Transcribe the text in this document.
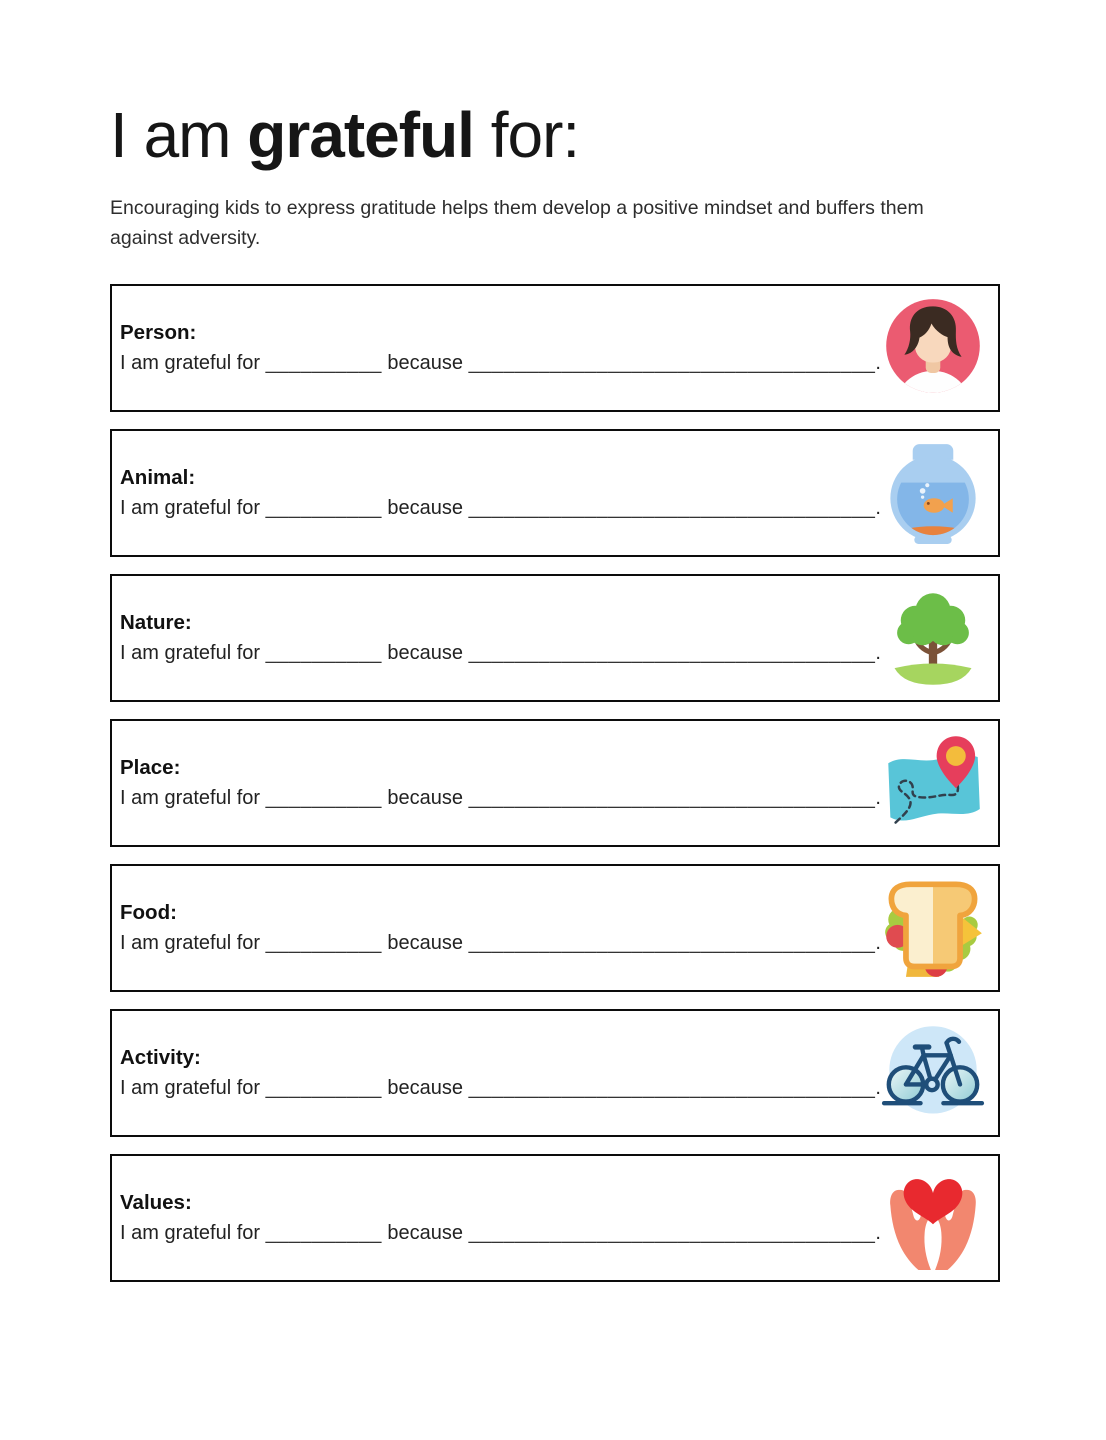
I am grateful for:
Encouraging kids to express gratitude helps them develop a positive mindset and buffers them against adversity.
Person:
I am grateful for __________ because ___________________________________.
Animal:
I am grateful for __________ because ___________________________________.
Nature:
I am grateful for __________ because ___________________________________.
Place:
I am grateful for __________ because ___________________________________.
Food:
I am grateful for __________ because ___________________________________.
Activity:
I am grateful for __________ because ___________________________________.
Values:
I am grateful for __________ because ___________________________________.
